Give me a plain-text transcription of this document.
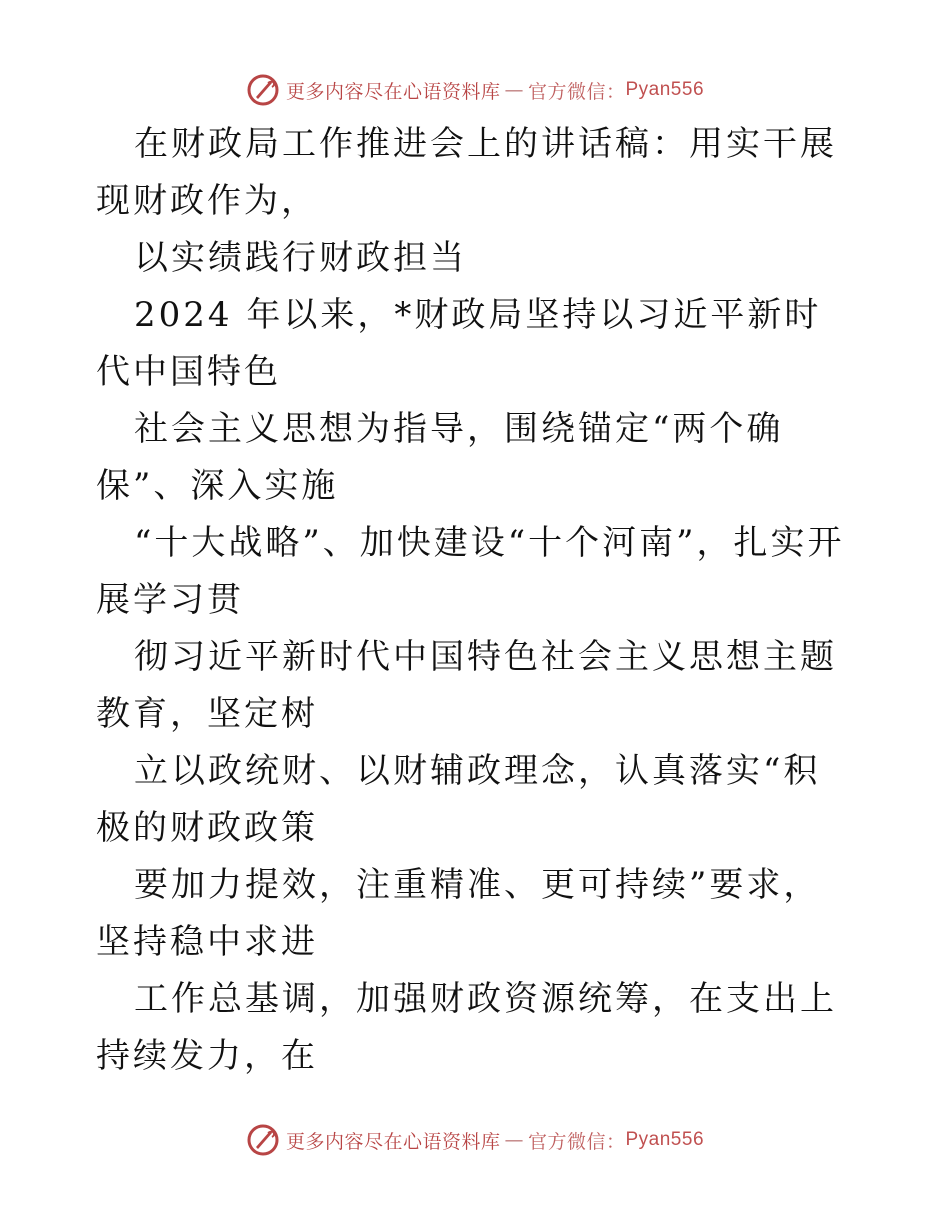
更多内容尽在心语资料库 — 官方微信： Pyan556

在财政局工作推进会上的讲话稿：用实干展现财政作为，

以实绩践行财政担当

2024 年以来，*财政局坚持以习近平新时代中国特色

社会主义思想为指导，围绕锚定“两个确保”、深入实施

“十大战略”、加快建设“十个河南”，扎实开展学习贯

彻习近平新时代中国特色社会主义思想主题教育，坚定树

立以政统财、以财辅政理念，认真落实“积极的财政政策

要加力提效，注重精准、更可持续”要求，坚持稳中求进

工作总基调，加强财政资源统筹，在支出上持续发力，在

更多内容尽在心语资料库 — 官方微信： Pyan556
